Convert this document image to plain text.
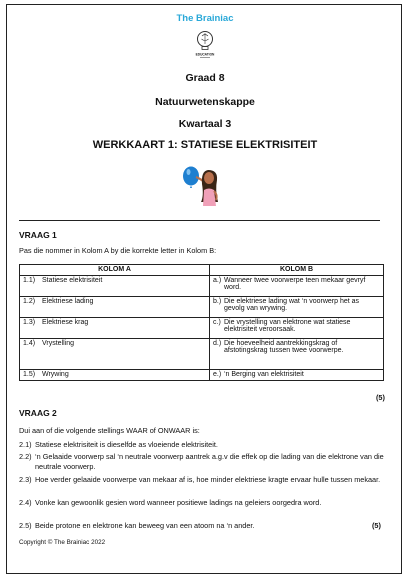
The Brainiac
EDUCATION
Graad 8
Natuurwetenskappe
Kwartaal 3
WERKKAART 1: STATIESE ELEKTRISITEIT
VRAAG 1
Pas die nommer in Kolom A by die korrekte letter in Kolom B:
KOLOM A	KOLOM B
1.1) Statiese elektrisiteit	a.) Wanneer twee voorwerpe teen mekaar gevryf word.

1.2) Elektriese lading	b.) Die elektriese lading wat ‘n voorwerp het as gevolg van wrywing.

1.3) Elektriese krag	c.) Die vrystelling van elektrone wat statiese elektrisiteit veroorsaak.

1.4) Vrystelling	d.) Die hoeveelheid aantrekkingskrag of afstotingskrag tussen twee voorwerpe.

1.5) Wrywing	e.) ‘n Berging van elektrisiteit
(5)
VRAAG 2
Dui aan of die volgende stellings WAAR of ONWAAR is:
2.1) Statiese elektrisiteit is dieselfde as vloeiende elektrisiteit.
2.2) ‘n Gelaaide voorwerp sal ‘n neutrale voorwerp aantrek a.g.v die effek op die lading van die elektrone van die neutrale voorwerp.
2.3) Hoe verder gelaaide voorwerpe van mekaar af is, hoe minder elektriese kragte ervaar hulle tussen mekaar.
2.4) Vonke kan gewoonlik gesien word wanneer positiewe ladings na geleiers oorgedra word.
2.5) Beide protone en elektrone kan beweeg van een atoom na ‘n ander.	(5)
Copyright © The Brainiac 2022
